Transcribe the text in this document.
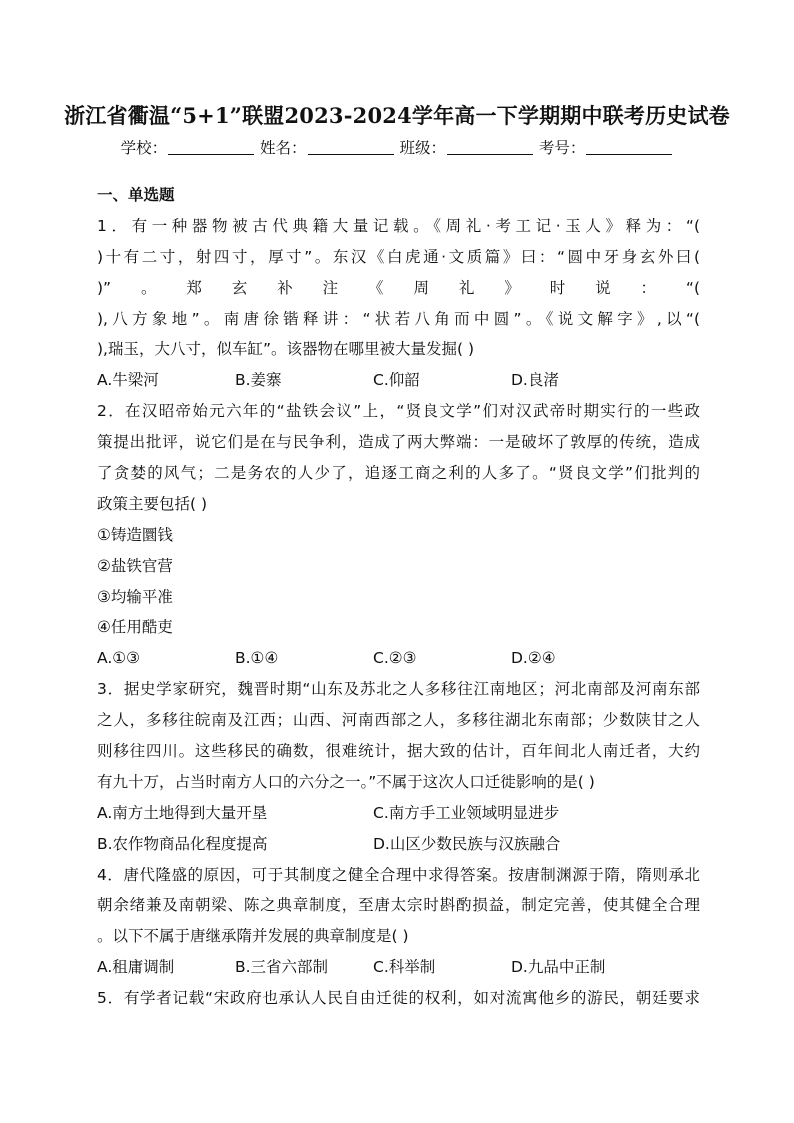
浙江省衢温“5+1”联盟2023-2024学年高一下学期期中联考历史试卷
学校：	姓名：	班级：	考号：
一、单选题
1．有一种器物被古代典籍大量记载。《周礼·考工记·玉人》释为：“(
)十有二寸，射四寸，厚寸”。东汉《白虎通·文质篇》曰：“圆中牙身玄外曰(
)”。郑玄补注《周礼》时说：“(
),八方象地”。南唐徐锴释讲：“状若八角而中圆”。《说文解字》,以“(
),瑞玉，大八寸，似车缸”。该器物在哪里被大量发掘( )
A.牛梁河	B.姜寨	C.仰韶	D.良渚
2．在汉昭帝始元六年的“盐铁会议”上，“贤良文学”们对汉武帝时期实行的一些政
策提出批评，说它们是在与民争利，造成了两大弊端：一是破坏了敦厚的传统，造成
了贪婪的风气；二是务农的人少了，追逐工商之利的人多了。“贤良文学”们批判的
政策主要包括( )
①铸造圜钱
②盐铁官营
③均输平准
④任用酷吏
A.①③	B.①④	C.②③	D.②④
3．据史学家研究，魏晋时期“山东及苏北之人多移往江南地区；河北南部及河南东部
之人，多移往皖南及江西；山西、河南西部之人，多移往湖北东南部；少数陕甘之人
则移往四川。这些移民的确数，很难统计，据大致的估计，百年间北人南迁者，大约
有九十万，占当时南方人口的六分之一。”不属于这次人口迁徙影响的是( )
A.南方土地得到大量开垦	C.南方手工业领域明显进步
B.农作物商品化程度提高	D.山区少数民族与汉族融合
4．唐代隆盛的原因，可于其制度之健全合理中求得答案。按唐制渊源于隋，隋则承北
朝余绪兼及南朝梁、陈之典章制度，至唐太宗时斟酌损益，制定完善，使其健全合理
。以下不属于唐继承隋并发展的典章制度是( )
A.租庸调制	B.三省六部制	C.科举制	D.九品中正制
5．有学者记载“宋政府也承认人民自由迁徙的权利，如对流寓他乡的游民，朝廷要求
